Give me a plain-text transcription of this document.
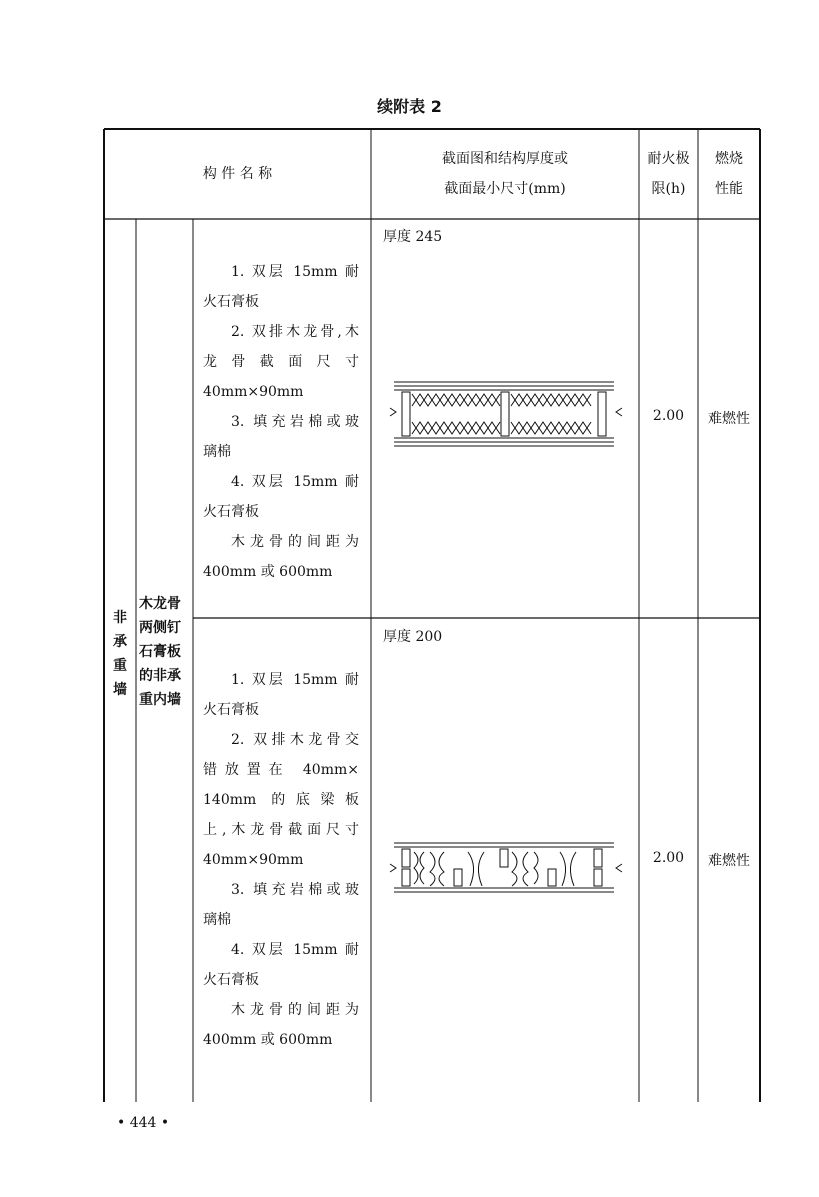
续附表 2
构 件 名 称
截面图和结构厚度或
截面最小尺寸(mm)
耐火极
限(h)
燃烧
性能
非
承
重
墙
木龙骨
两侧钉
石膏板
的非承
重内墙
1. 双层 15mm 耐
火石膏板
2. 双排木龙骨,木
龙 骨 截 面 尺 寸
40mm×90mm
3. 填充岩棉或玻
璃棉
4. 双层 15mm 耐
火石膏板
木龙骨的间距为
400mm 或 600mm
1. 双层 15mm 耐
火石膏板
2. 双排木龙骨交
错放置在 40mm×
140mm 的底梁板
上,木龙骨截面尺寸
40mm×90mm
3. 填充岩棉或玻
璃棉
4. 双层 15mm 耐
火石膏板
木龙骨的间距为
400mm 或 600mm
厚度 245
厚度 200
2.00	难燃性
2.00	难燃性
• 444 •
